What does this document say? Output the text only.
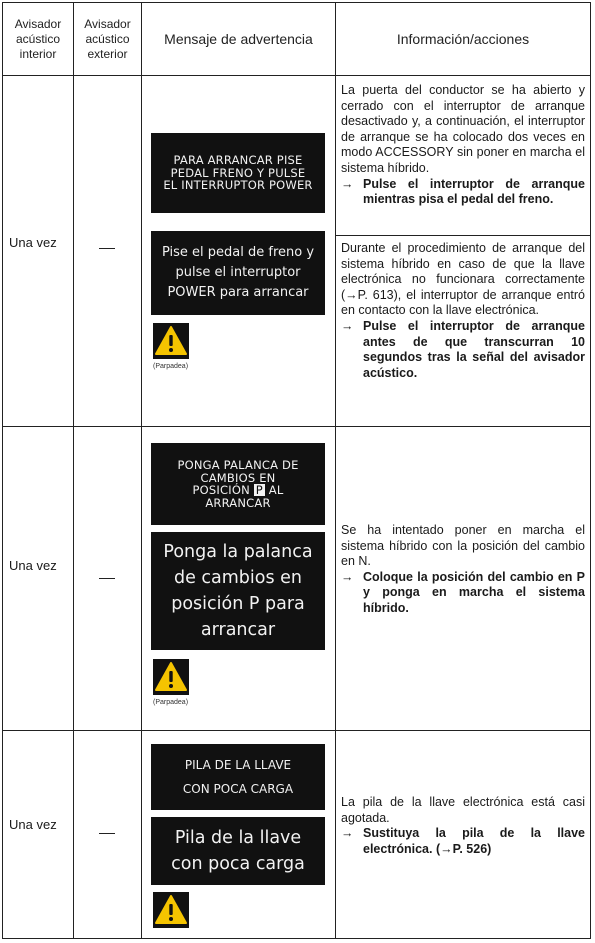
Avisador acústico interior
Avisador acústico exterior
Mensaje de advertencia	Información/acciones
Una vez
PARA ARRANCAR PISE PEDAL FRENO Y PULSE EL INTERRUPTOR POWER
Pise el pedal de freno y pulse el interruptor POWER para arrancar
(Parpadea)

La puerta del conductor se ha abierto y cerrado con el interruptor de arranque desactivado y, a continuación, el interruptor de arranque se ha colocado dos veces en modo ACCESSORY sin poner en marcha el sistema híbrido.

→ Pulse el interruptor de arranque mientras pisa el pedal del freno.

Durante el procedimiento de arranque del sistema híbrido en caso de que la llave electrónica no funcionara correctamente (→P. 613), el interruptor de arranque entró en contacto con la llave electrónica.

→ Pulse el interruptor de arranque antes de que transcurran 10 segundos tras la señal del avisador acústico.
Una vez
PONGA PALANCA DE CAMBIOS EN POSICIÓN P AL ARRANCAR
Ponga la palanca de cambios en posición P para arrancar
(Parpadea)

Se ha intentado poner en marcha el sistema híbrido con la posición del cambio en N.

→ Coloque la posición del cambio en P y ponga en marcha el sistema híbrido.
Una vez
PILA DE LA LLAVE CON POCA CARGA
Pila de la llave con poca carga

La pila de la llave electrónica está casi agotada.

→ Sustituya la pila de la llave electrónica. (→P. 526)
